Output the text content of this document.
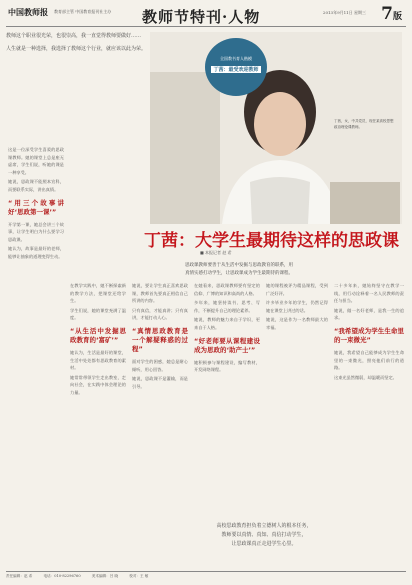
中国教师报 教育部主管 中国教育报刊社主办 教师节特刊·人物	2013年9月11日 星期三 7版

教师这个职业很光荣，也很崇高，我一直觉得教师要做好……

人生就是一种选择，我选择了教师这个行业，就应该以此为荣。

全国教书育人楷模
丁茜：最受欢迎教师
丁茜，女，中共党员，现任某高校思想政治理论课教师。
丁茜：大学生最期待这样的思政课
■ 本报记者 赵 希
思政课教师要善于从生活中发掘与思政教育的联系，用真情实感打动学生，让思政课成为学生最期待的课程。

这是一位深受学生喜爱的思政课教师。她的课堂上总是座无虚席，学生们说，听她的课是一种享受。

她说，思政课不能照本宣科，而要联系实际，讲出真情。

“用三个故事讲好‘思政第一课’”

开学第一课，她总会讲三个故事，让学生明白为什么要学习思政课。

她认为，故事是最好的老师，能够让抽象的道理变得生动。

在教学实践中，她不断探索新的教学方法，把课堂还给学生。

学生们说，她的课堂充满了温度。

“从生活中发掘思政教育的‘富矿’”

她认为，生活是最好的课堂，生活中处处都有思政教育的素材。

她常常带领学生走出教室，走向社会，在实践中体会理论的力量。

她说，要让学生真正喜欢思政课，教师首先要真正相信自己所讲的内容。

只有真信，才能真讲；只有真讲，才能打动人心。

“真情思政教育是一个解疑释惑的过程”

面对学生的困惑，她总是耐心倾听，用心回答。

她说，思政课不是灌输，而是引导。

在她看来，思政课教师要有坚定的信仰、广博的知识和高尚的人格。

多年来，她坚持读书、思考、写作，不断提升自己的理论素养。

她说，教师的魅力来自于学识，更来自于人格。

“好老师要从课程建设成为思政的‘助产士’”

她积极参与课程建设，编写教材，开发网络课程。

她的课程被评为精品课程，受到广泛好评。

许多毕业多年的学生，仍然记得她在课堂上讲过的话。

她说，这是作为一名教师最大的幸福。

二十多年来，她始终坚守在教学一线，用行动诠释着一名人民教师的责任与担当。

她说，做一名好老师，是我一生的追求。

“我希望成为学生生命里的一束微光”

她说，我希望自己能够成为学生生命里的一束微光，照亮他们前行的道路。

这束光虽然微弱，却温暖而坚定。

高校思政教育担负着立德树人的根本任务，
教师要以真情、真知、真信打动学生，
让思政课真正走进学生心里。
责任编辑：赵 希	电话：010-82296760	美术编辑：吕 晓	校对：王 敏
